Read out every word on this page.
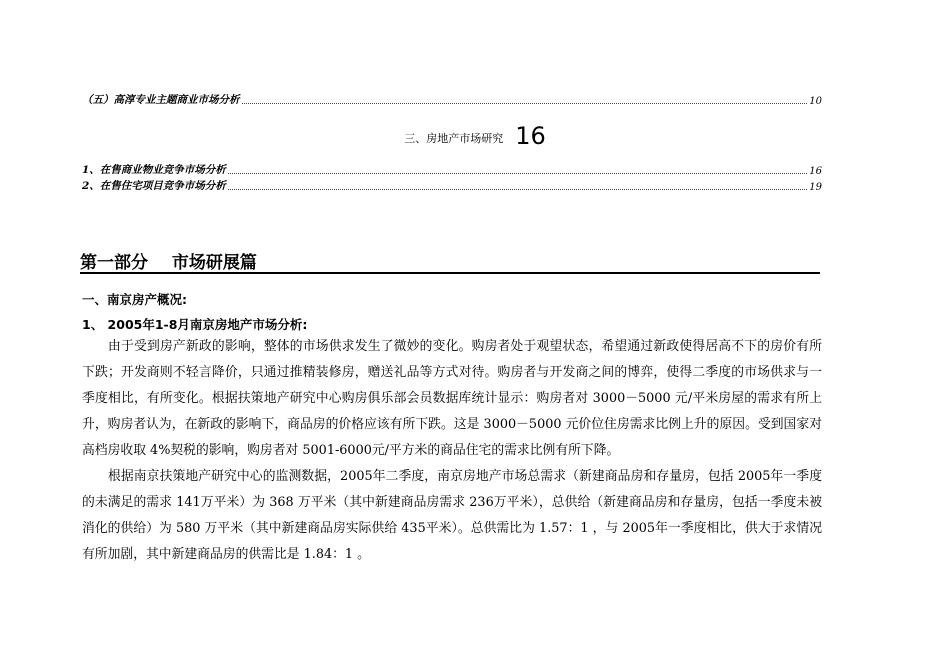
（五）高淳专业主题商业市场分析	10
三、房地产市场研究 16
1、在售商业物业竞争市场分析	16
2、在售住宅项目竞争市场分析	19
第一部分 市场研展篇
一、南京房产概况:
1、 2005年1-8月南京房地产市场分析:

由于受到房产新政的影响，整体的市场供求发生了微妙的变化。购房者处于观望状态，希望通过新政使得居高不下的房价有所下跌；开发商则不轻言降价，只通过推精装修房，赠送礼品等方式对待。购房者与开发商之间的博弈，使得二季度的市场供求与一季度相比，有所变化。根据扶策地产研究中心购房俱乐部会员数据库统计显示：购房者对 3000－5000 元/平米房屋的需求有所上升，购房者认为，在新政的影响下，商品房的价格应该有所下跌。这是 3000－5000 元价位住房需求比例上升的原因。受到国家对高档房收取 4%契税的影响，购房者对 5001-6000元/平方米的商品住宅的需求比例有所下降。

根据南京扶策地产研究中心的监测数据，2005年二季度，南京房地产市场总需求（新建商品房和存量房，包括 2005年一季度的未满足的需求 141万平米）为 368 万平米（其中新建商品房需求 236万平米），总供给（新建商品房和存量房，包括一季度未被消化的供给）为 580 万平米（其中新建商品房实际供给 435平米）。总供需比为 1.57：1 ，与 2005年一季度相比，供大于求情况有所加剧，其中新建商品房的供需比是 1.84：1 。
